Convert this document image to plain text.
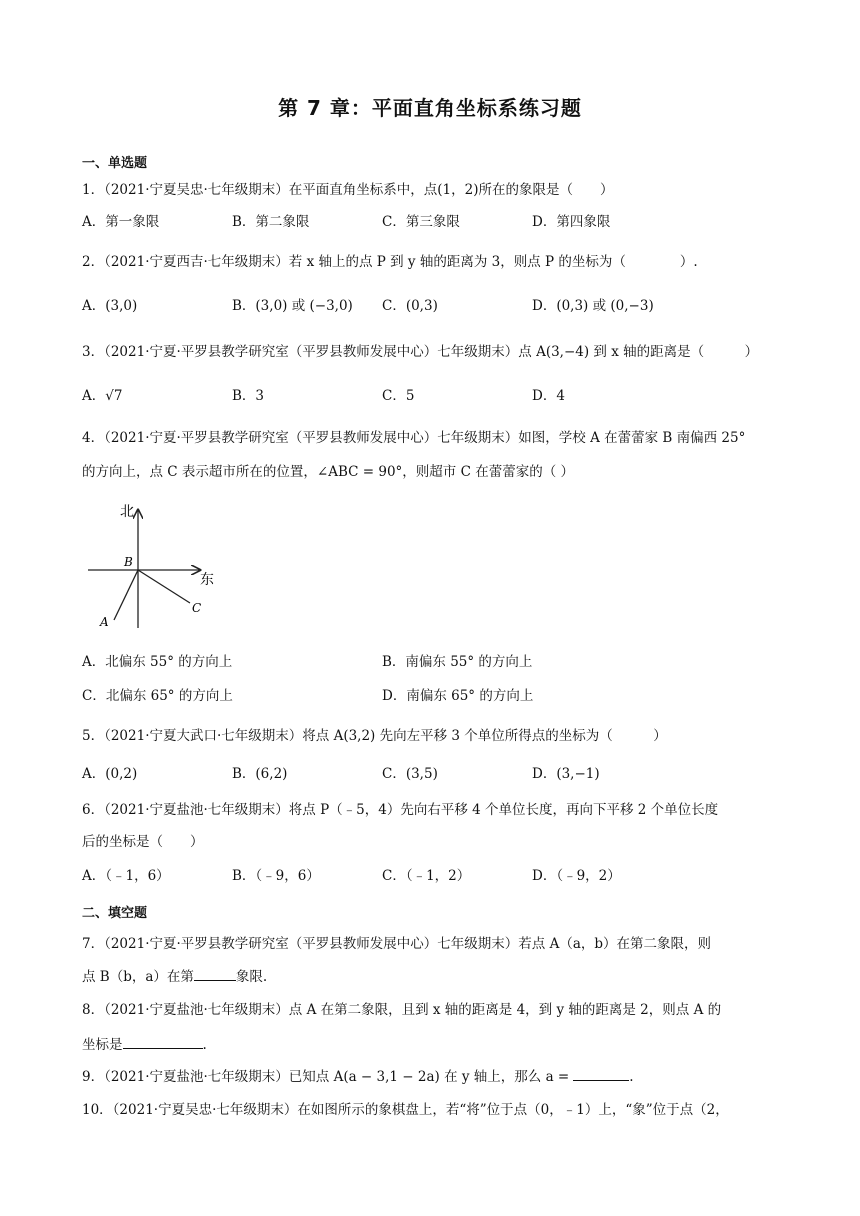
第 7 章：平面直角坐标系练习题
一、单选题
1．（2021·宁夏吴忠·七年级期末）在平面直角坐标系中，点(1，2)所在的象限是（　　）
A．第一象限	B．第二象限	C．第三象限	D．第四象限
2．（2021·宁夏西吉·七年级期末）若 x 轴上的点 P 到 y 轴的距离为 3，则点 P 的坐标为（　　　　）.
A．(3,0)	B．(3,0) 或 (−3,0) C．(0,3)	D．(0,3) 或 (0,−3)
3．（2021·宁夏·平罗县教学研究室（平罗县教师发展中心）七年级期末）点 A(3,−4) 到 x 轴的距离是（　　　）
A．√7	B．3	C．5	D．4
4．（2021·宁夏·平罗县教学研究室（平罗县教师发展中心）七年级期末）如图，学校 A 在蕾蕾家 B 南偏西 25°
的方向上，点 C 表示超市所在的位置，∠ABC = 90°，则超市 C 在蕾蕾家的（ ）
北
东
B
A
C
A．北偏东 55° 的方向上	B．南偏东 55° 的方向上
C．北偏东 65° 的方向上	D．南偏东 65° 的方向上
5．（2021·宁夏大武口·七年级期末）将点 A(3,2) 先向左平移 3 个单位所得点的坐标为（　　　）
A．(0,2)	B．(6,2)	C．(3,5)	D．(3,−1)
6．（2021·宁夏盐池·七年级期末）将点 P（﹣5，4）先向右平移 4 个单位长度，再向下平移 2 个单位长度
后的坐标是（　　）
A．（﹣1，6）	B．（﹣9，6）	C．（﹣1，2）	D．（﹣9，2）
二、填空题
7．（2021·宁夏·平罗县教学研究室（平罗县教师发展中心）七年级期末）若点 A（a，b）在第二象限，则
点 B（b，a）在第	象限.
8．（2021·宁夏盐池·七年级期末）点 A 在第二象限，且到 x 轴的距离是 4，到 y 轴的距离是 2，则点 A 的
坐标是	.
9．（2021·宁夏盐池·七年级期末）已知点 A(a − 3,1 − 2a) 在 y 轴上，那么 a =	.
10．（2021·宁夏吴忠·七年级期末）在如图所示的象棋盘上，若“将”位于点（0，﹣1）上，“象”位于点（2，
